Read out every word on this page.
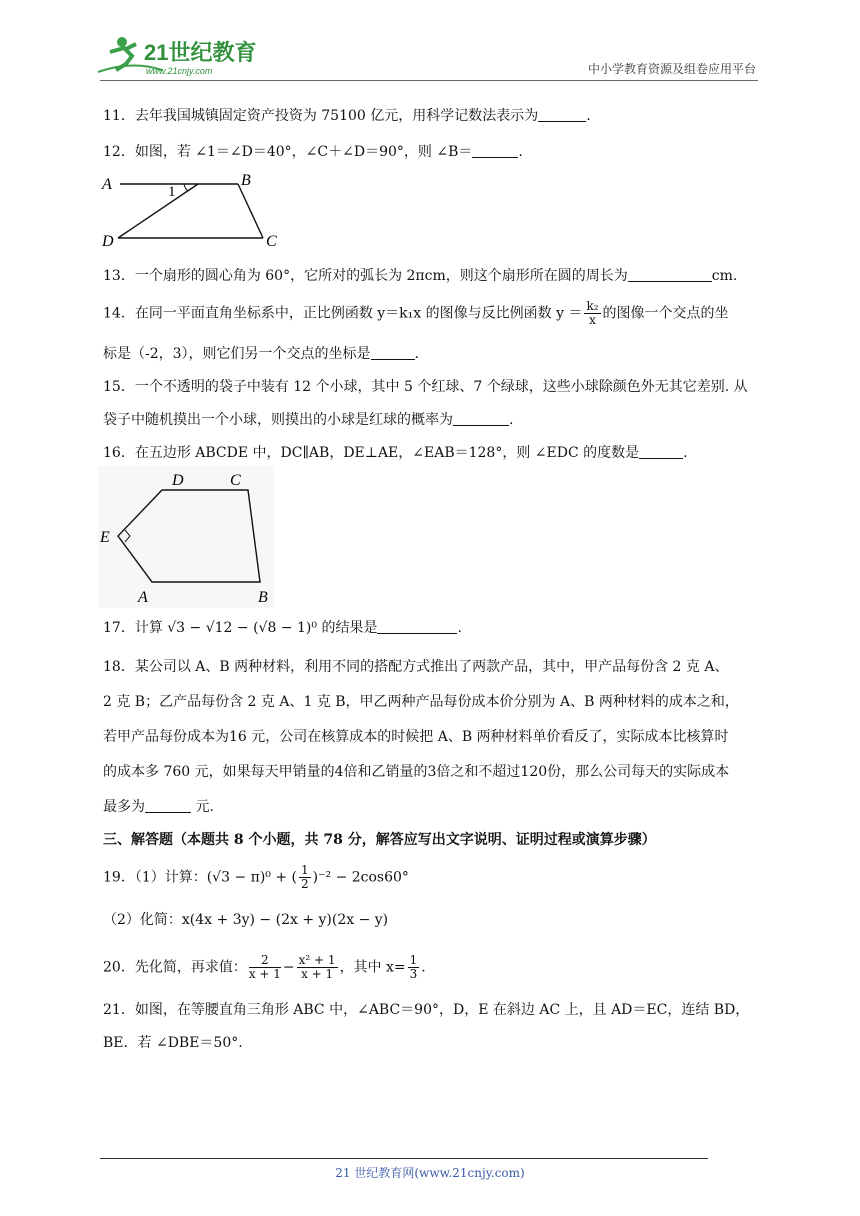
21世纪教育
www.21cnjy.com	中小学教育资源及组卷应用平台
11．去年我国城镇固定资产投资为 75100 亿元，用科学记数法表示为	.
12．如图，若 ∠1＝∠D＝40°，∠C＋∠D＝90°，则 ∠B＝	.
A	B
1
D	C
13．一个扇形的圆心角为 60°，它所对的弧长为 2πcm，则这个扇形所在圆的周长为	cm.
14．在同一平面直角坐标系中，正比例函数 y＝k₁x 的图像与反比例函数 $y = \frac{\text{k₂}}{x}$ 的图像一个交点的坐
标是（-2，3），则它们另一个交点的坐标是	.
15．一个不透明的袋子中装有 12 个小球，其中 5 个红球、7 个绿球，这些小球除颜色外无其它差别. 从
袋子中随机摸出一个小球，则摸出的小球是红球的概率为	.
16．在五边形 ABCDE 中，DC∥AB，DE⊥AE，∠EAB＝128°，则 ∠EDC 的度数是	.
D	C
E
A	B
17．计算 √3 − √12 − (√8 − 1)⁰ 的结果是	.
18．某公司以 A、B 两种材料，利用不同的搭配方式推出了两款产品，其中，甲产品每份含 2 克 A、
2 克 B；乙产品每份含 2 克 A、1 克 B，甲乙两种产品每份成本价分别为 A、B 两种材料的成本之和，
若甲产品每份成本为16 元，公司在核算成本的时候把 A、B 两种材料单价看反了，实际成本比核算时
的成本多 760 元，如果每天甲销量的4倍和乙销量的3倍之和不超过120份，那么公司每天的实际成本
最多为	元.
三、解答题（本题共 8 个小题，共 78 分，解答应写出文字说明、证明过程或演算步骤）
19．（1）计算：(√3 − π)⁰ + ( $\frac{1}{2} )^{-2} - 2\cos 60^\circ$
（2）化简：x(4x + 3y) − (2x + y)(2x − y)
20．先化简，再求值： $\frac{2}{x + 1} - \frac{\text{x² + 1}}{x + 1}$ ，其中 $x= \frac{1}{3}$ .
21．如图，在等腰直角三角形 ABC 中，∠ABC＝90°，D，E 在斜边 AC 上，且 AD＝EC，连结 BD，
BE．若 ∠DBE＝50°.
21 世纪教育网(www.21cnjy.com)
